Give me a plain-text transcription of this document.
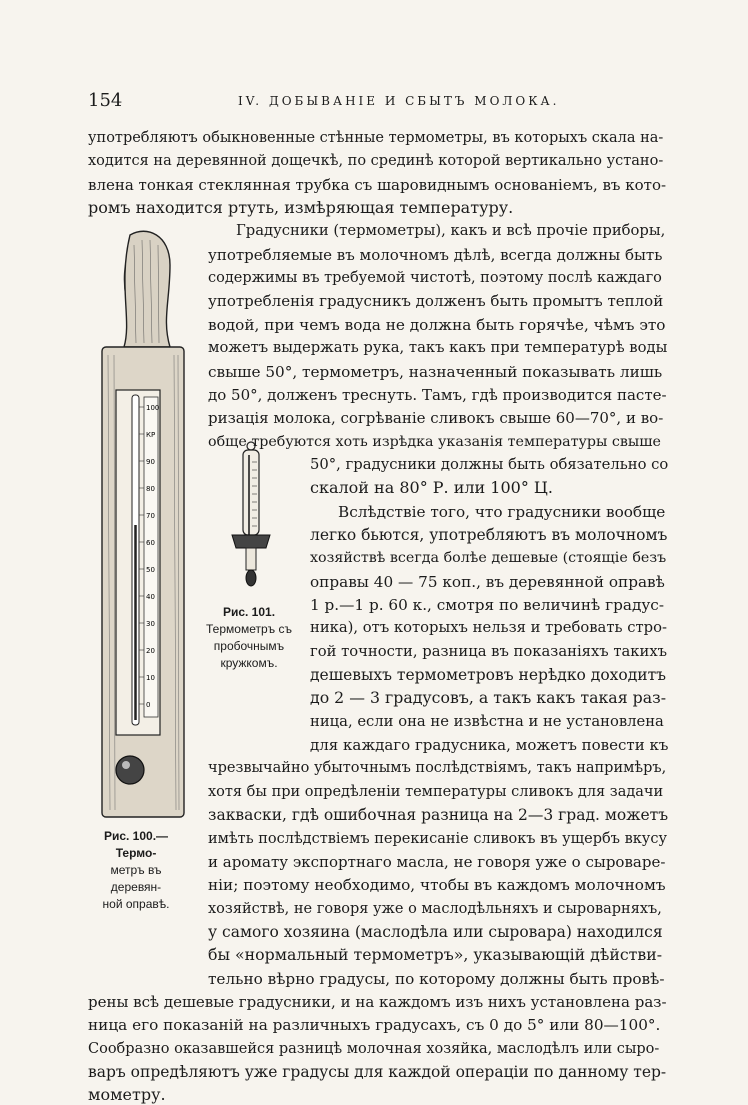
154	IV. ДОБЫВАНІЕ И СБЫТЪ МОЛОКА.
употребляютъ обыкновенные стѣнные термометры, въ которыхъ скала на-
ходится на деревянной дощечкѣ, по срединѣ которой вертикально устано-
влена тонкая стеклянная трубка съ шаровиднымъ основаніемъ, въ кото-
ромъ находится ртуть, измѣряющая температуру.
Градусники (термометры), какъ и всѣ прочіе приборы,
употребляемые въ молочномъ дѣлѣ, всегда должны быть
содержимы въ требуемой чистотѣ, поэтому послѣ каждаго
употребленія градусникъ долженъ быть промытъ теплой
водой, при чемъ вода не должна быть горячѣе, чѣмъ это
можетъ выдержать рука, такъ какъ при температурѣ воды
свыше 50°, термометръ, назначенный показывать лишь
до 50°, долженъ треснуть. Тамъ, гдѣ производится пасте-
ризація молока, согрѣваніе сливокъ свыше 60—70°, и во-
обще требуются хоть изрѣдка указанія температуры свыше
50°, градусники должны быть обязательно со
скалой на 80° Р. или 100° Ц.
Вслѣдствіе того, что градусники вообще
легко бьются, употребляютъ въ молочномъ
хозяйствѣ всегда болѣе дешевые (стоящіе безъ
оправы 40 — 75 коп., въ деревянной оправѣ
1 р.—1 р. 60 к., смотря по величинѣ градус-
ника), отъ которыхъ нельзя и требовать стро-
гой точности, разница въ показаніяхъ такихъ
дешевыхъ термометровъ нерѣдко доходитъ
до 2 — 3 градусовъ, а такъ какъ такая раз-
ница, если она не извѣстна и не установлена
для каждаго градусника, можетъ повести къ
чрезвычайно убыточнымъ послѣдствіямъ, такъ напримѣръ,
хотя бы при опредѣленіи температуры сливокъ для задачи
закваски, гдѣ ошибочная разница на 2—3 град. можетъ
имѣть послѣдствіемъ перекисаніе сливокъ въ ущербъ вкусу
и аромату экспортнаго масла, не говоря уже о сыроваре-
ніи; поэтому необходимо, чтобы въ каждомъ молочномъ
хозяйствѣ, не говоря уже о маслодѣльняхъ и сыроварняхъ,
у самого хозяина (маслодѣла или сыровара) находился
бы «нормальный термометръ», указывающій дѣйстви-
тельно вѣрно градусы, по которому должны быть провѣ-
рены всѣ дешевые градусники, и на каждомъ изъ нихъ установлена раз-
ница его показаній на различныхъ градусахъ, съ 0 до 5° или 80—100°.
Сообразно оказавшейся разницѣ молочная хозяйка, маслодѣлъ или сыро-
варъ опредѣляютъ уже градусы для каждой операціи по данному тер-
мометру.
100
КР
90
80
70
60
50
40
30
20
10
0
Рис. 100.—Термо-
метръ въ деревян-
ной оправѣ.
Рис. 101.
Термометръ съ
пробочнымъ
кружкомъ.
